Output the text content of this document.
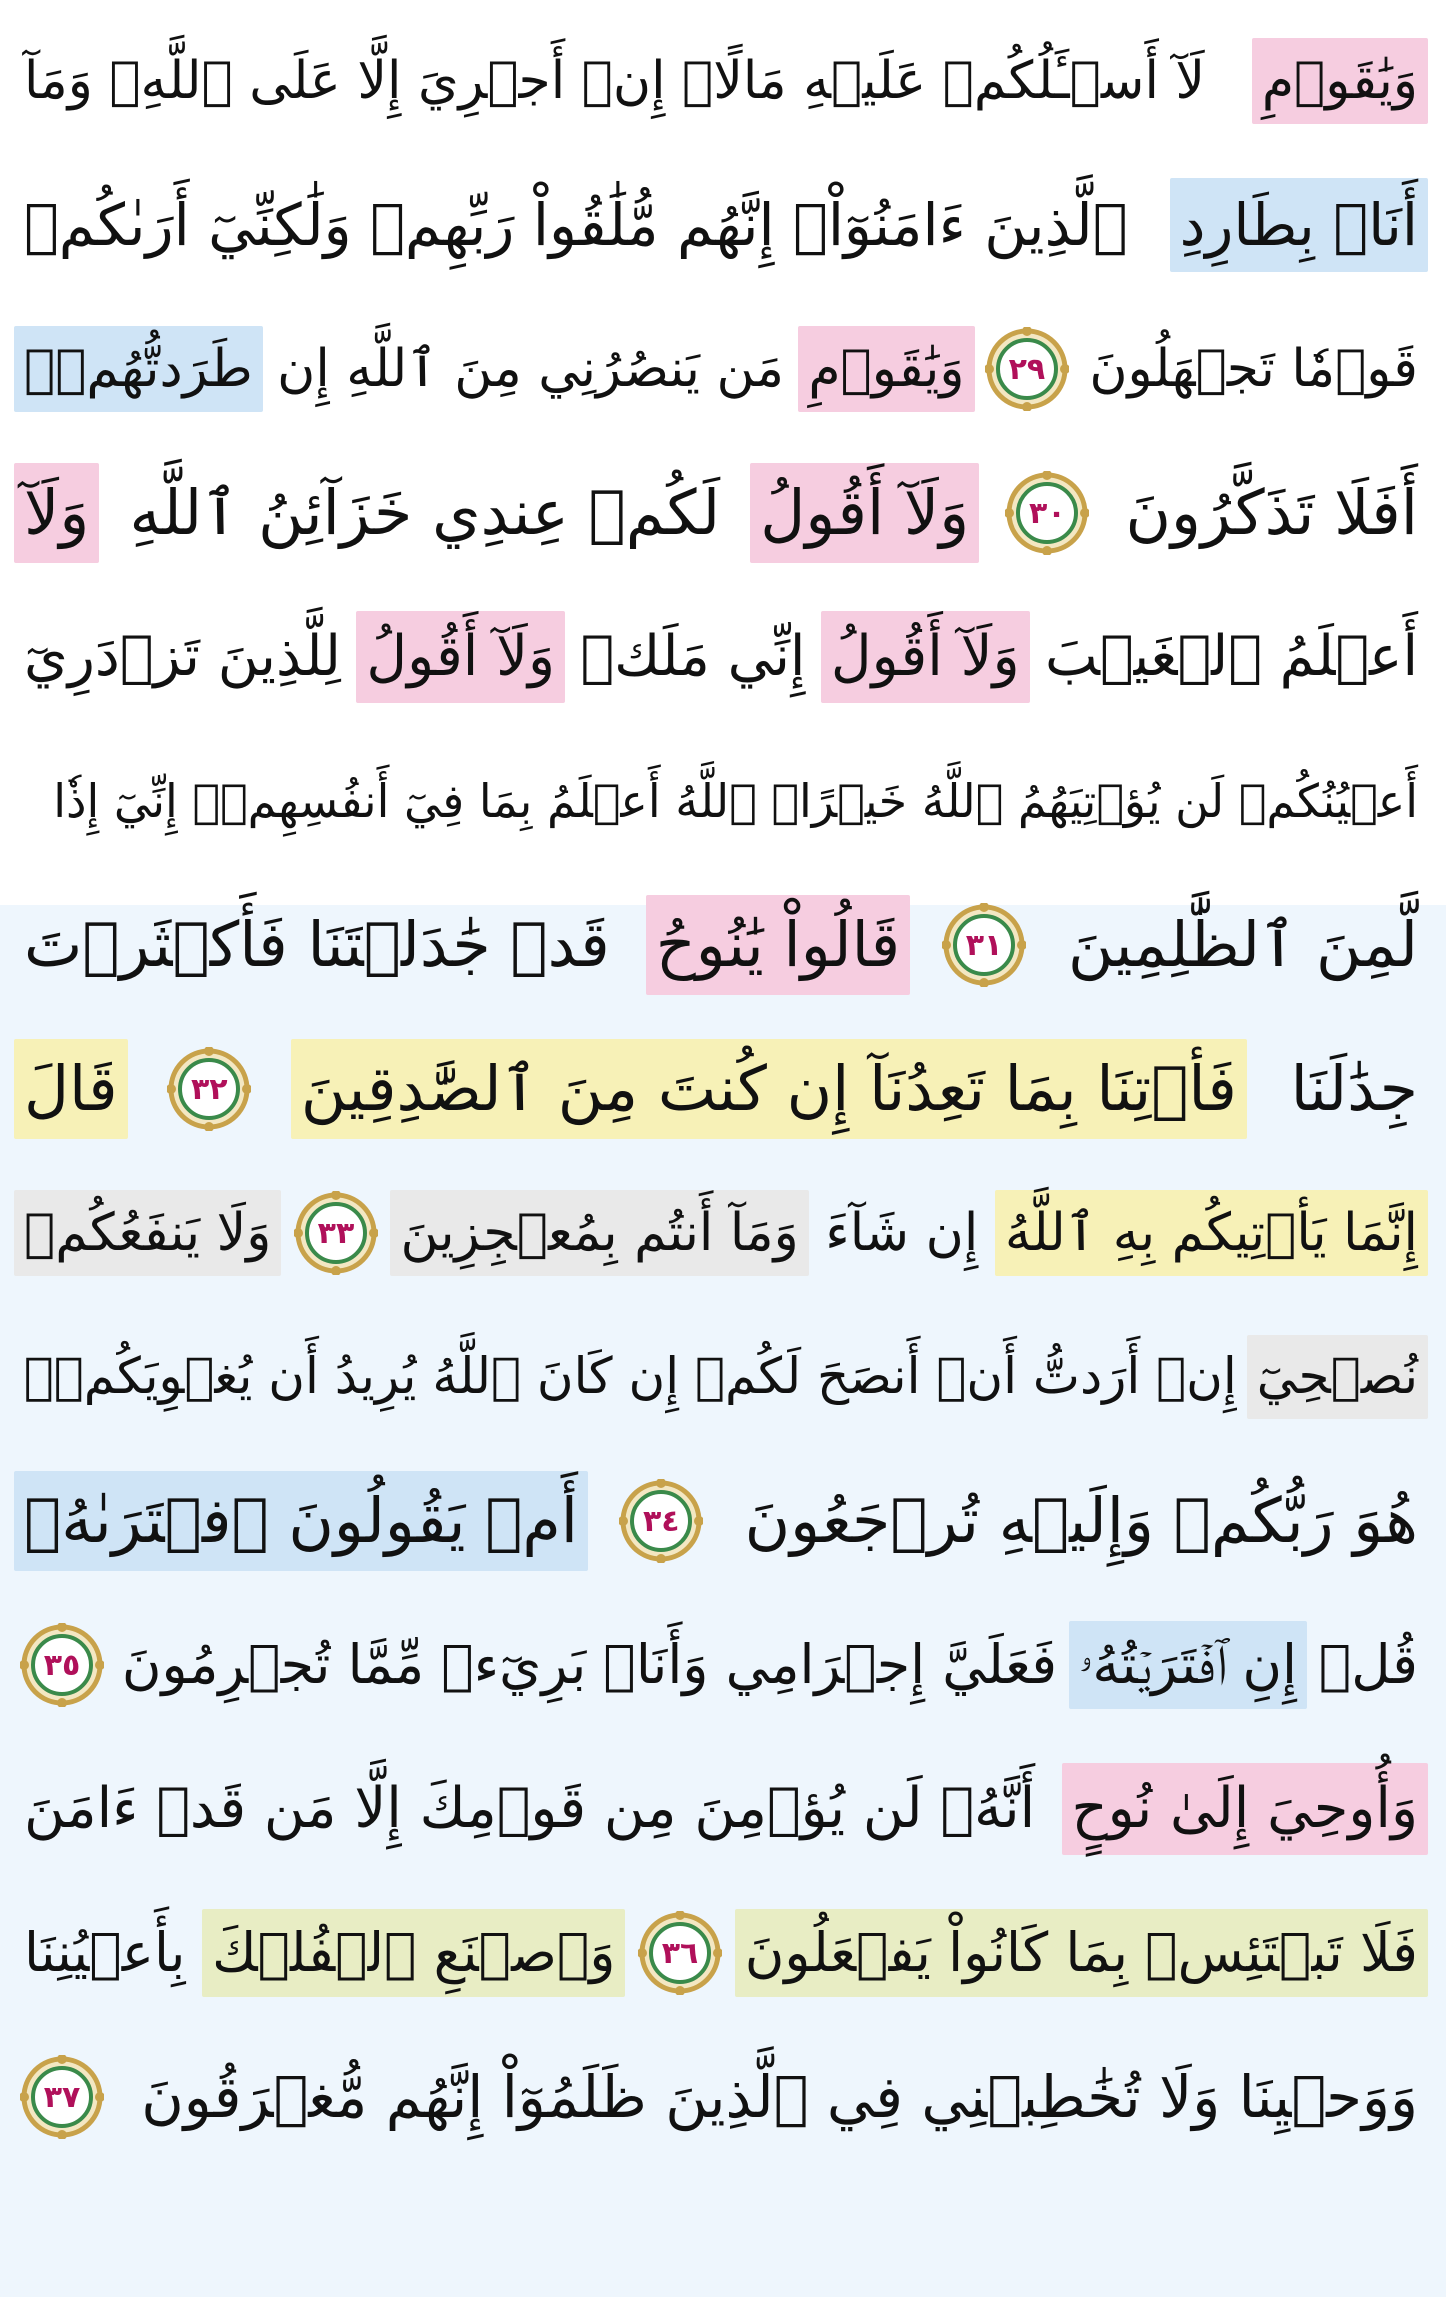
وَيَٰقَوۡمِ
لَآ أَسۡـَٔلُكُمۡ عَلَيۡهِ مَالًاۖ إِنۡ أَجۡرِيَ إِلَّا عَلَى ٱللَّهِۚ وَمَآ
أَنَا۠ بِطَارِدِ
ٱلَّذِينَ ءَامَنُوٓاْۚ إِنَّهُم مُّلَٰقُواْ رَبِّهِمۡ وَلَٰكِنِّيٓ أَرَىٰكُمۡ
قَوۡمٗا تَجۡهَلُونَ
٢٩
وَيَٰقَوۡمِ
مَن يَنصُرُنِي مِنَ ٱللَّهِ إِن
طَرَدتُّهُمۡۚ
أَفَلَا تَذَكَّرُونَ
٣٠
وَلَآ أَقُولُ
لَكُمۡ عِندِي خَزَآئِنُ ٱللَّهِ
وَلَآ
أَعۡلَمُ ٱلۡغَيۡبَ
وَلَآ أَقُولُ
إِنِّي مَلَكٞ
وَلَآ أَقُولُ
لِلَّذِينَ تَزۡدَرِيٓ
أَعۡيُنُكُمۡ لَن يُؤۡتِيَهُمُ ٱللَّهُ خَيۡرًاۖ ٱللَّهُ أَعۡلَمُ بِمَا فِيٓ أَنفُسِهِمۡۖ إِنِّيٓ إِذٗا
لَّمِنَ ٱلظَّٰلِمِينَ
٣١
قَالُواْ يَٰنُوحُ
قَدۡ جَٰدَلۡتَنَا فَأَكۡثَرۡتَ
جِدَٰلَنَا
فَأۡتِنَا بِمَا تَعِدُنَآ إِن كُنتَ مِنَ ٱلصَّٰدِقِينَ
٣٢
قَالَ
إِنَّمَا يَأۡتِيكُم بِهِ ٱللَّهُ
إِن شَآءَ
وَمَآ أَنتُم بِمُعۡجِزِينَ
٣٣
وَلَا يَنفَعُكُمۡ
نُصۡحِيٓ
إِنۡ أَرَدتُّ أَنۡ أَنصَحَ لَكُمۡ إِن كَانَ ٱللَّهُ يُرِيدُ أَن يُغۡوِيَكُمۡۚ
هُوَ رَبُّكُمۡ وَإِلَيۡهِ تُرۡجَعُونَ
٣٤
أَمۡ يَقُولُونَ ٱفۡتَرَىٰهُۖ
قُلۡ
إِنِ ٱفۡتَرَيۡتُهُۥ
فَعَلَيَّ إِجۡرَامِي وَأَنَا۠ بَرِيٓءٞ مِّمَّا تُجۡرِمُونَ
٣٥
وَأُوحِيَ إِلَىٰ نُوحٍ
أَنَّهُۥ لَن يُؤۡمِنَ مِن قَوۡمِكَ إِلَّا مَن قَدۡ ءَامَنَ
فَلَا تَبۡتَئِسۡ بِمَا كَانُواْ يَفۡعَلُونَ
٣٦
وَٱصۡنَعِ ٱلۡفُلۡكَ
بِأَعۡيُنِنَا
وَوَحۡيِنَا وَلَا تُخَٰطِبۡنِي فِي ٱلَّذِينَ ظَلَمُوٓاْ إِنَّهُم مُّغۡرَقُونَ
٣٧
